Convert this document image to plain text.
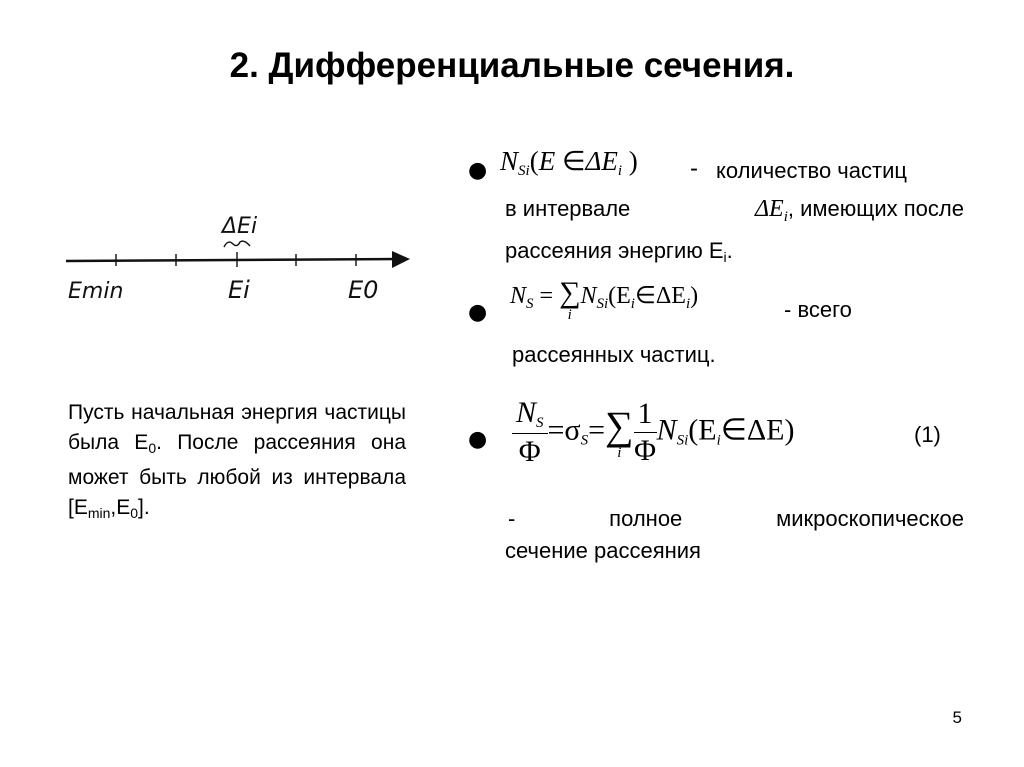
2. Дифференциальные сечения.
ΔEi
Emin	Ei	E0
Пусть начальная энергия частицы была $E_0$. После рассеяния она может быть любой из интервала $[E_{min},E_0]$.
● $N_{Si}(E$ $\in\Delta E_i$ ) - количество частиц
в интервале	$\Delta E_i$, имеющих после
рассеяния энергию $E_i$.
●
$N_S$ = ∑
i
$N_{Si}(E_i\in\Delta E_i)$
- всего
рассеянных частиц.
● $\frac{N_S}{\Phi} =\sigma_S=$ ∑
i $\frac{1}{\Phi}$ $N_{Si}(E_i\in\Delta E)$	(1)
- полное микроскопическое
сечение рассеяния
5
